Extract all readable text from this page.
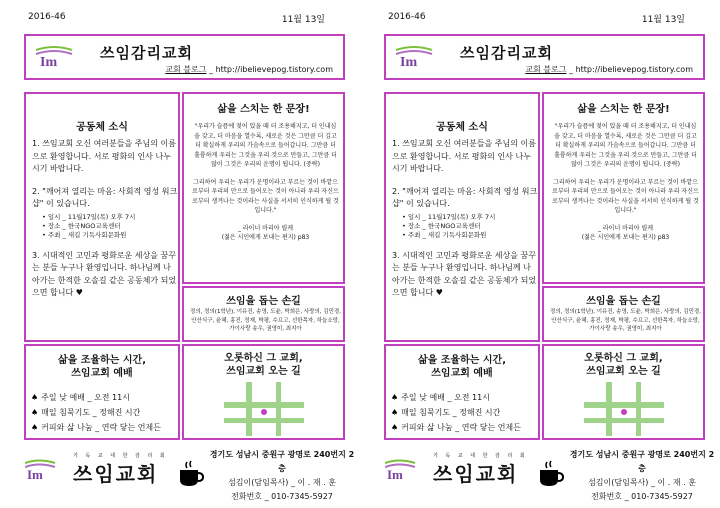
2016-46	11월 13일
Im
쓰임감리교회
교회 블로그 _ http://ibelievepog.tistory.com
공동체 소식

1. 쓰임교회 오신 여러분들을 주님의 이름으로 환영합니다. 서로 평화의 인사 나누시기 바랍니다.

2. "깨어져 열리는 마음: 사회적 영성 워크샵" 이 있습니다.

• 일시 _ 11월17일(목) 오후 7시
• 장소 _ 한국NGO교육센터
• 주최 _ 새길 기독사회문화원

3. 시대적인 고민과 평화로운 세상을 꿈꾸는 분들 누구나 환영입니다. 하나님께 나아가는 한적한 오솔길 같은 공동체가 되었으면 합니다 ♥

삶을 스치는 한 문장!

"우리가 슬픔에 젖어 있을 때 더 조용해지고, 더 인내심을 갖고, 더 마음을 열수록, 새로운 것은 그만큼 더 깊고 더 확실하게 우리의 가슴속으로 들어갑니다. 그만큼 더 훌륭하게 우리는 그것을 우리 것으로 만들고, 그만큼 더 많이 그것은 우리의 운명이 됩니다. (중략)

그리하여 우리는 우리가 운명이라고 부르는 것이 바깥으로부터 우리의 안으로 들어오는 것이 아니라 우리 자신으로부터 생겨나는 것이라는 사실을 서서히 인식하게 될 것입니다."

_ 라이너 마리아 릴케
(젊은 시인에게 보내는 편지) p83
쓰임을 돕는 손길
정의, 정의(1학년), 이유진, 송영, 도윤, 박희은, 사랑의, 김민경, 안산식구, 윤혜, 홍진, 정재, 박평, 수프고, 선한목자, 하늘소망, 가이사랑 송우, 권영미, 최지아
삶을 조율하는 시간,
쓰임교회 예배
♠ 주일 낮 예배 _ 오전 11시
♠ 매일 침묵기도 _ 정해진 시간
♠ 커피와 삶 나눔 _ 연락 닿는 언제든
오롯하신 그 교회,
쓰임교회 오는 길
Im
기 독 교 대 한 감 리 회
쓰임교회
경기도 성남시 중원구 광명로 240번지 2층
섬김이(담임목사) _ 이 . 재 . 훈
전화번호 _ 010-7345-5927
2016-46	11월 13일
Im
쓰임감리교회
교회 블로그 _ http://ibelievepog.tistory.com
공동체 소식

1. 쓰임교회 오신 여러분들을 주님의 이름으로 환영합니다. 서로 평화의 인사 나누시기 바랍니다.

2. "깨어져 열리는 마음: 사회적 영성 워크샵" 이 있습니다.

• 일시 _ 11월17일(목) 오후 7시
• 장소 _ 한국NGO교육센터
• 주최 _ 새길 기독사회문화원

3. 시대적인 고민과 평화로운 세상을 꿈꾸는 분들 누구나 환영입니다. 하나님께 나아가는 한적한 오솔길 같은 공동체가 되었으면 합니다 ♥

삶을 스치는 한 문장!

"우리가 슬픔에 젖어 있을 때 더 조용해지고, 더 인내심을 갖고, 더 마음을 열수록, 새로운 것은 그만큼 더 깊고 더 확실하게 우리의 가슴속으로 들어갑니다. 그만큼 더 훌륭하게 우리는 그것을 우리 것으로 만들고, 그만큼 더 많이 그것은 우리의 운명이 됩니다. (중략)

그리하여 우리는 우리가 운명이라고 부르는 것이 바깥으로부터 우리의 안으로 들어오는 것이 아니라 우리 자신으로부터 생겨나는 것이라는 사실을 서서히 인식하게 될 것입니다."

_ 라이너 마리아 릴케
(젊은 시인에게 보내는 편지) p83
쓰임을 돕는 손길
정의, 정의(1학년), 이유진, 송영, 도윤, 박희은, 사랑의, 김민경, 안산식구, 윤혜, 홍진, 정재, 박평, 수프고, 선한목자, 하늘소망, 가이사랑 송우, 권영미, 최지아
삶을 조율하는 시간,
쓰임교회 예배
♠ 주일 낮 예배 _ 오전 11시
♠ 매일 침묵기도 _ 정해진 시간
♠ 커피와 삶 나눔 _ 연락 닿는 언제든
오롯하신 그 교회,
쓰임교회 오는 길
Im
기 독 교 대 한 감 리 회
쓰임교회
경기도 성남시 중원구 광명로 240번지 2층
섬김이(담임목사) _ 이 . 재 . 훈
전화번호 _ 010-7345-5927
